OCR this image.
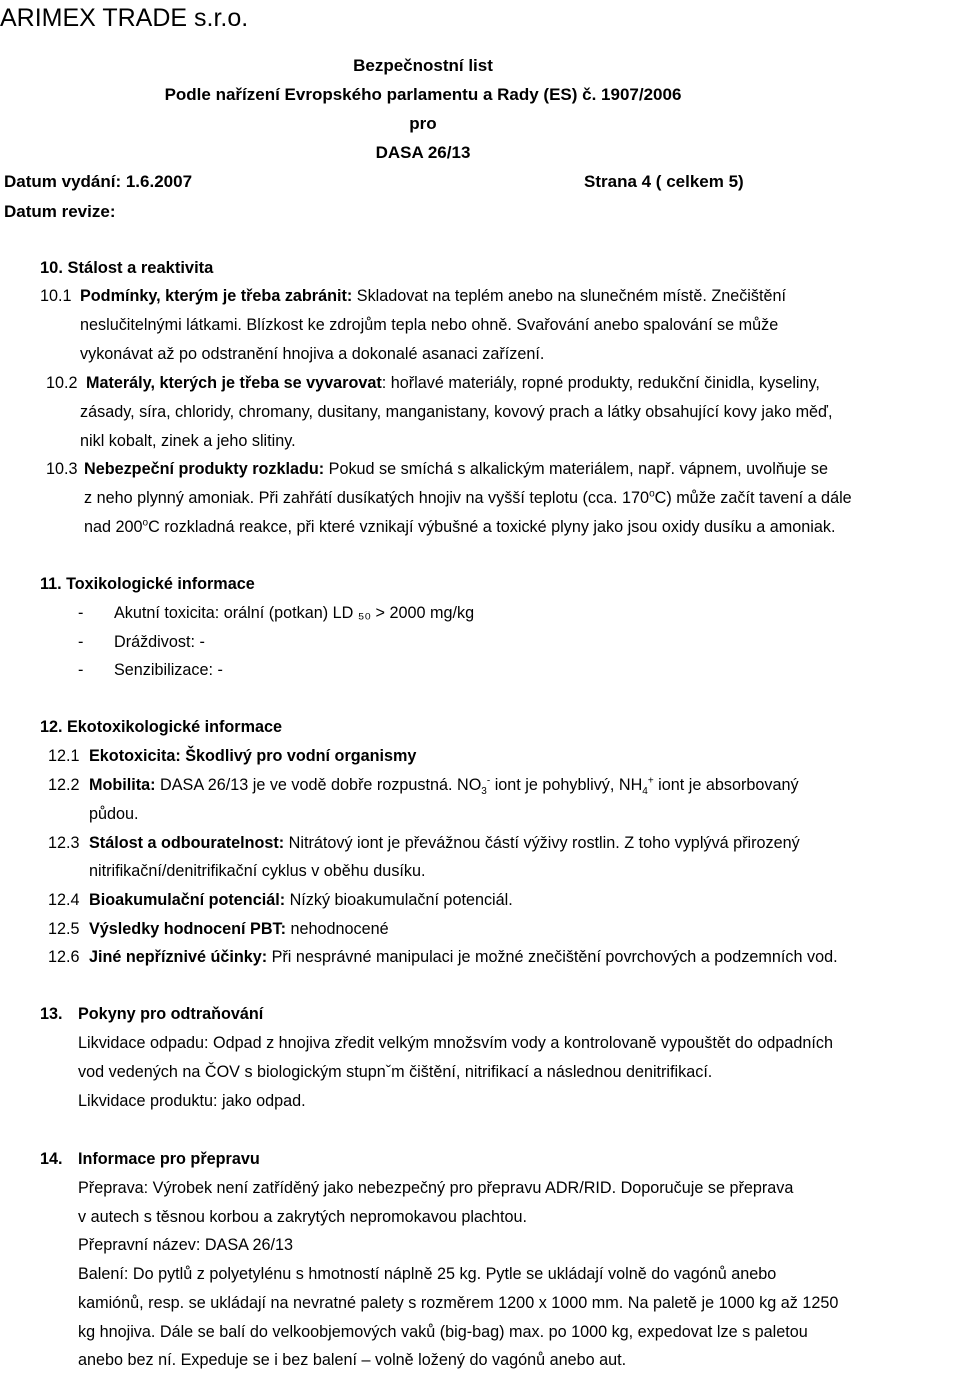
ARIMEX TRADE s.r.o.
Bezpečnostní list
Podle nařízení Evropského parlamentu a Rady (ES) č. 1907/2006
pro
DASA 26/13
Datum vydání: 1.6.2007	Strana 4 ( celkem 5)
Datum revize:
10. Stálost a reaktivita
10.1 Podmínky, kterým je třeba zabránit: Skladovat na teplém anebo na slunečném místě. Znečištění
neslučitelnými látkami. Blízkost ke zdrojům tepla nebo ohně. Svařování anebo spalování se může
vykonávat až po odstranění hnojiva a dokonalé asanaci zařízení.
10.2 Materály, kterých je třeba se vyvarovat: hořlavé materiály, ropné produkty, redukční činidla, kyseliny,
zásady, síra, chloridy, chromany, dusitany, manganistany, kovový prach a látky obsahující kovy jako měď,
nikl kobalt, zinek a jeho slitiny.
10.3 Nebezpeční produkty rozkladu: Pokud se smíchá s alkalickým materiálem, např. vápnem, uvolňuje se
z neho plynný amoniak. Při zahřátí dusíkatých hnojiv na vyšší teplotu (cca. 170$^o$C) může začít tavení a dále
nad 200$^o$C rozkladná reakce, při které vznikají výbušné a toxické plyny jako jsou oxidy dusíku a amoniak.
11. Toxikologické informace
- Akutní toxicita: orální (potkan) LD ₅₀ > 2000 mg/kg
- Dráždivost: -
- Senzibilizace: -
12. Ekotoxikologické informace
12.1 Ekotoxicita: Škodlivý pro vodní organismy
12.2 Mobilita: DASA 26/13 je ve vodě dobře rozpustná. $NO_3^-$ iont je pohyblivý, $NH_4^+$ iont je absorbovaný
půdou.
12.3 Stálost a odbouratelnost: Nitrátový iont je převážnou částí výživy rostlin. Z toho vyplývá přirozený
nitrifikační/denitrifikační cyklus v oběhu dusíku.
12.4 Bioakumulační potenciál: Nízký bioakumulační potenciál.
12.5 Výsledky hodnocení PBT: nehodnocené
12.6 Jiné nepříznivé účinky: Při nesprávné manipulaci je možné znečištění povrchových a podzemních vod.
13. Pokyny pro odtraňování
Likvidace odpadu: Odpad z hnojiva zředit velkým množsvím vody a kontrolovaně vypouštět do odpadních
vod vedených na ČOV s biologickým stupnˇm čištění, nitrifikací a následnou denitrifikací.
Likvidace produktu: jako odpad.
14. Informace pro přepravu
Přeprava: Výrobek není zatříděný jako nebezpečný pro přepravu ADR/RID. Doporučuje se přeprava
v autech s těsnou korbou a zakrytých nepromokavou plachtou.
Přepravní název: DASA 26/13
Balení: Do pytlů z polyetylénu s hmotností náplně 25 kg. Pytle se ukládají volně do vagónů anebo
kamiónů, resp. se ukládají na nevratné palety s rozměrem 1200 x 1000 mm. Na paletě je 1000 kg až 1250
kg hnojiva. Dále se balí do velkoobjemových vaků (big-bag) max. po 1000 kg, expedovat lze s paletou
anebo bez ní. Expeduje se i bez balení – volně ložený do vagónů anebo aut.
